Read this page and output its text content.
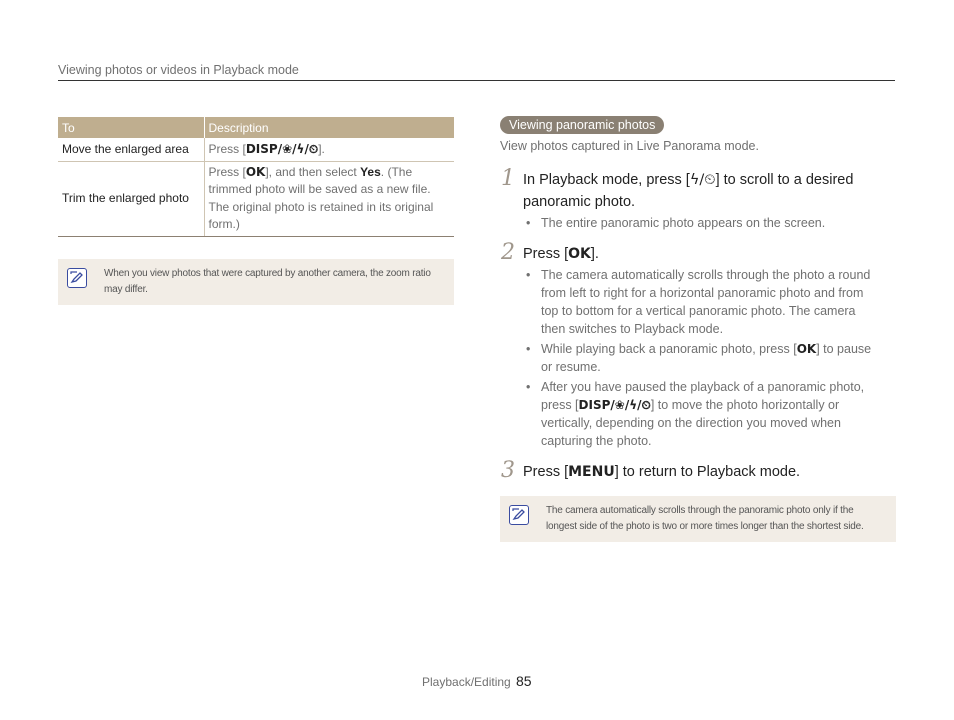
Viewing photos or videos in Playback mode
To	Description
Move the enlarged area	Press [DISP/❀/ϟ/⏲].
Trim the enlarged photo	Press [OK], and then select Yes. (The trimmed photo will be saved as a new file. The original photo is retained in its original form.)
When you view photos that were captured by another camera, the zoom ratio may differ.
Viewing panoramic photos
View photos captured in Live Panorama mode.
1 In Playback mode, press [ϟ/⏲] to scroll to a desired panoramic photo.
• The entire panoramic photo appears on the screen.
2 Press [OK].
• The camera automatically scrolls through the photo a round from left to right for a horizontal panoramic photo and from top to bottom for a vertical panoramic photo. The camera then switches to Playback mode.
• While playing back a panoramic photo, press [OK] to pause or resume.
• After you have paused the playback of a panoramic photo, press [DISP/❀/ϟ/⏲] to move the photo horizontally or vertically, depending on the direction you moved when capturing the photo.
3 Press [MENU] to return to Playback mode.
The camera automatically scrolls through the panoramic photo only if the longest side of the photo is two or more times longer than the shortest side.
Playback/Editing 85
